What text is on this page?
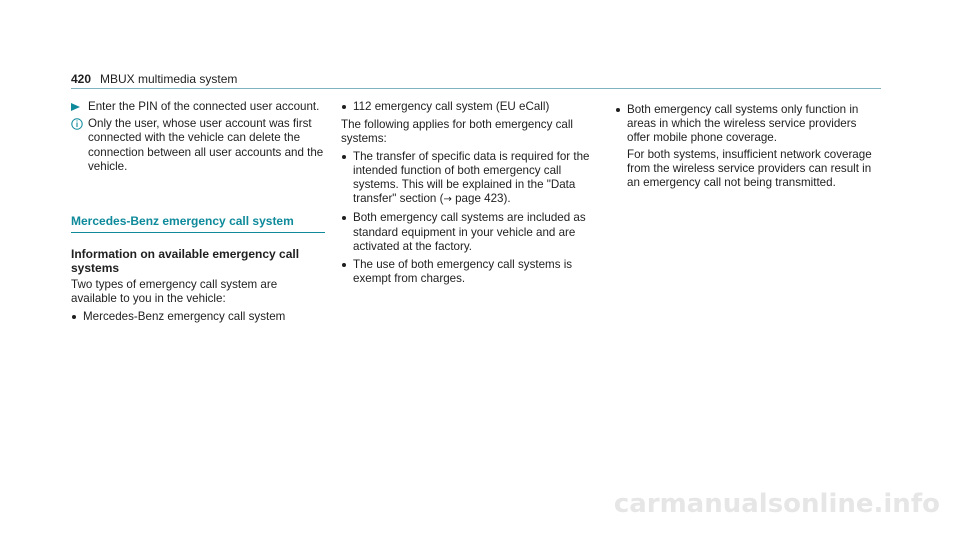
420 MBUX multimedia system

Enter the PIN of the connected user account.

Only the user, whose user account was first connected with the vehicle can delete the connection between all user accounts and the vehicle.
Mercedes-Benz emergency call system
Information on available emergency call systems

Two types of emergency call system are available to you in the vehicle:

Mercedes-Benz emergency call system
112 emergency call system (EU eCall)

The following applies for both emergency call systems:

The transfer of specific data is required for the intended function of both emergency call systems. This will be explained in the "Data transfer" section (→ page 423).
Both emergency call systems are included as standard equipment in your vehicle and are activated at the factory.
The use of both emergency call systems is exempt from charges.
Both emergency call systems only function in areas in which the wireless service providers offer mobile phone coverage.
For both systems, insufficient network coverage from the wireless service providers can result in an emergency call not being transmitted.
carmanualsonline.info
